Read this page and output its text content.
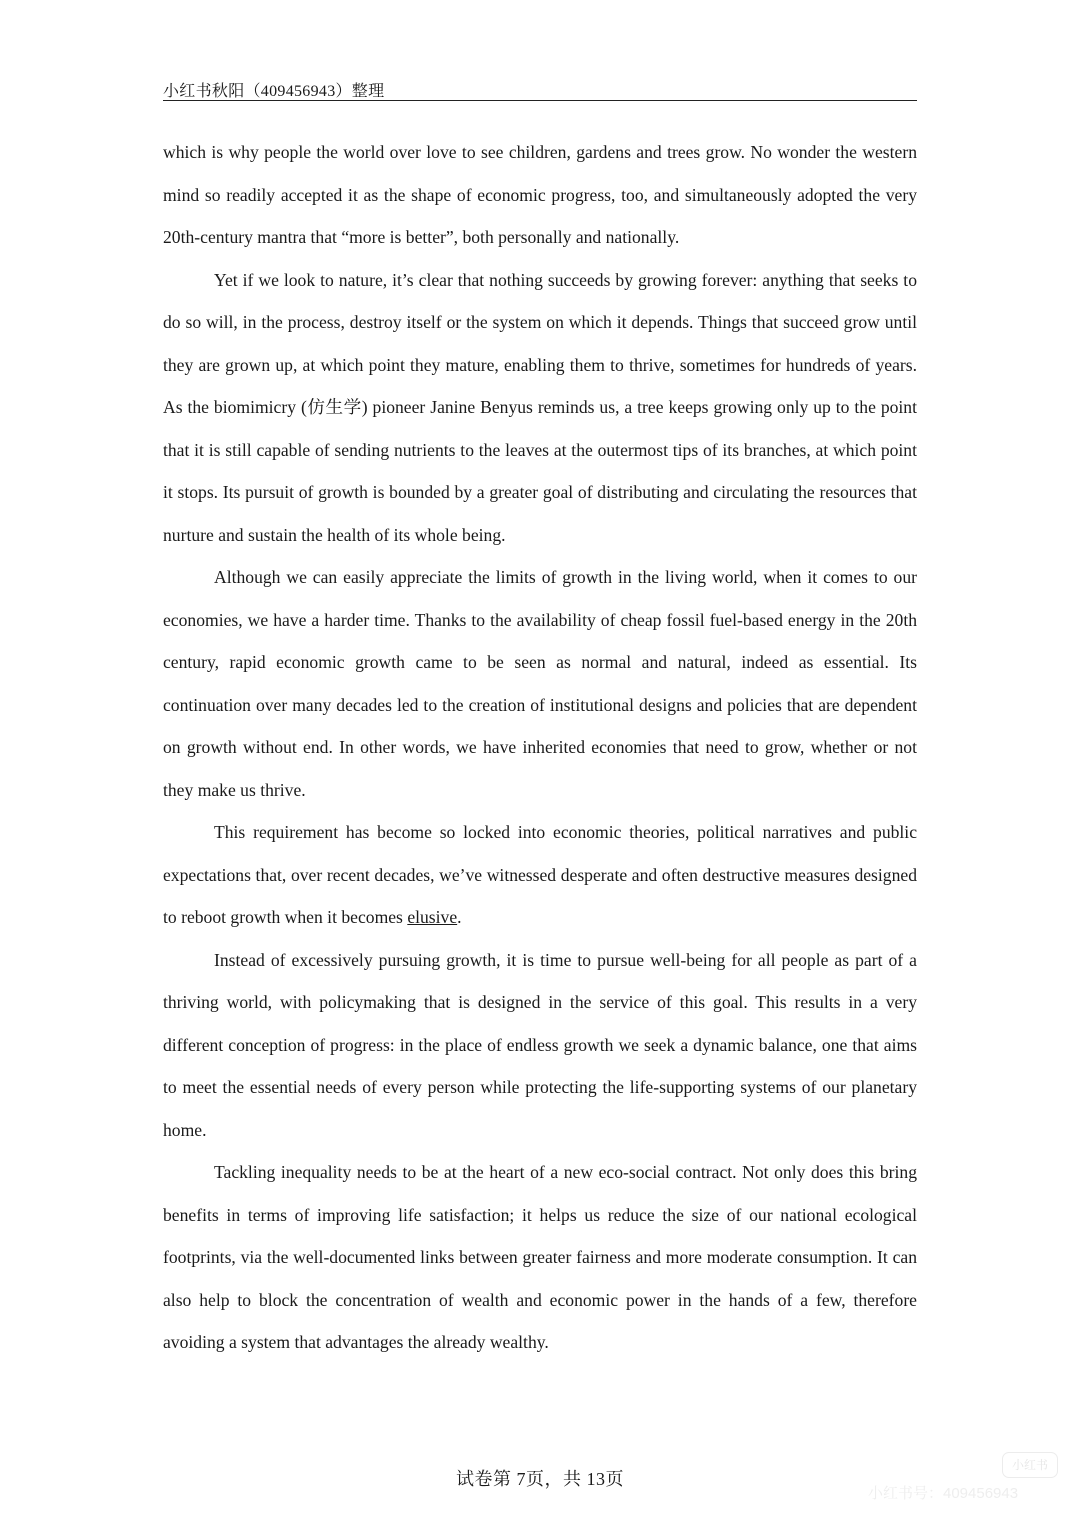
小红书秋阳（409456943）整理

which is why people the world over love to see children, gardens and trees grow. No wonder the western mind so readily accepted it as the shape of economic progress, too, and simultaneously adopted the very 20th-century mantra that “more is better”, both personally and nationally.

Yet if we look to nature, it’s clear that nothing succeeds by growing forever: anything that seeks to do so will, in the process, destroy itself or the system on which it depends. Things that succeed grow until they are grown up, at which point they mature, enabling them to thrive, sometimes for hundreds of years. As the biomimicry (仿生学) pioneer Janine Benyus reminds us, a tree keeps growing only up to the point that it is still capable of sending nutrients to the leaves at the outermost tips of its branches, at which point it stops. Its pursuit of growth is bounded by a greater goal of distributing and circulating the resources that nurture and sustain the health of its whole being.

Although we can easily appreciate the limits of growth in the living world, when it comes to our economies, we have a harder time. Thanks to the availability of cheap fossil fuel-based energy in the 20th century, rapid economic growth came to be seen as normal and natural, indeed as essential. Its continuation over many decades led to the creation of institutional designs and policies that are dependent on growth without end. In other words, we have inherited economies that need to grow, whether or not they make us thrive.

This requirement has become so locked into economic theories, political narratives and public expectations that, over recent decades, we’ve witnessed desperate and often destructive measures designed to reboot growth when it becomes elusive.

Instead of excessively pursuing growth, it is time to pursue well-being for all people as part of a thriving world, with policymaking that is designed in the service of this goal. This results in a very different conception of progress: in the place of endless growth we seek a dynamic balance, one that aims to meet the essential needs of every person while protecting the life-supporting systems of our planetary home.

Tackling inequality needs to be at the heart of a new eco-social contract. Not only does this bring benefits in terms of improving life satisfaction; it helps us reduce the size of our national ecological footprints, via the well-documented links between greater fairness and more moderate consumption. It can also help to block the concentration of wealth and economic power in the hands of a few, therefore avoiding a system that advantages the already wealthy.

试卷第 7页，共 13页
小红书
小红书号：409456943
